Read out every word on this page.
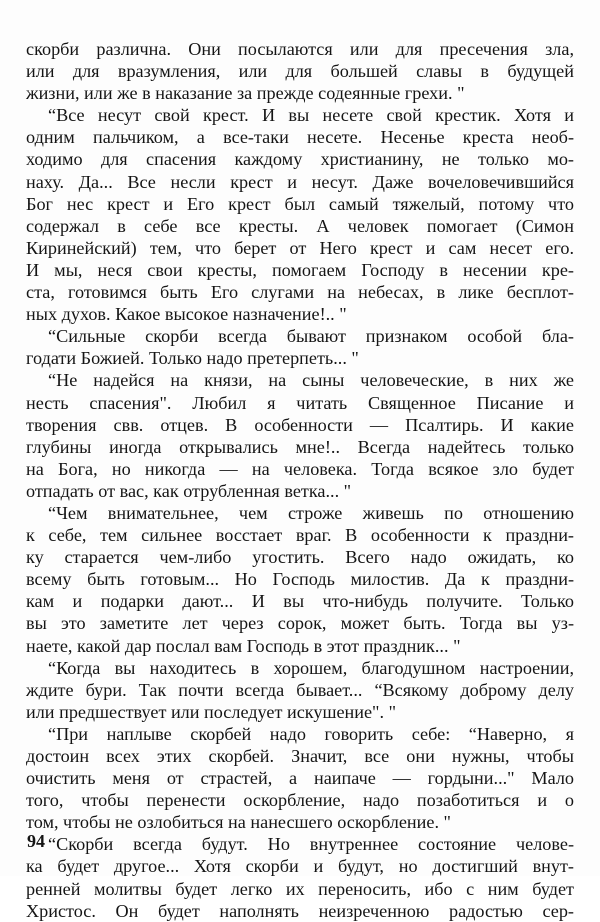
скорби различна. Они посылаются или для пресечения зла,
или для вразумления, или для большей славы в будущей
жизни, или же в наказание за прежде содеянные грехи. "
“Все несут свой крест. И вы несете свой крестик. Хотя и
одним пальчиком, а все-таки несете. Несенье креста необ-
ходимо для спасения каждому христианину, не только мо-
наху. Да... Все несли крест и несут. Даже вочеловечившийся
Бог нес крест и Его крест был самый тяжелый, потому что
содержал в себе все кресты. А человек помогает (Симон
Киринейский) тем, что берет от Него крест и сам несет его.
И мы, неся свои кресты, помогаем Господу в несении кре-
ста, готовимся быть Его слугами на небесах, в лике бесплот-
ных духов. Какое высокое назначение!.. "
“Сильные скорби всегда бывают признаком особой бла-
годати Божией. Только надо претерпеть... "
“Не надейся на князи, на сыны человеческие, в них же
несть спасения". Любил я читать Священное Писание и
творения свв. отцев. В особенности — Псалтирь. И какие
глубины иногда открывались мне!.. Всегда надейтесь только
на Бога, но никогда — на человека. Тогда всякое зло будет
отпадать от вас, как отрубленная ветка... "
“Чем внимательнее, чем строже живешь по отношению
к себе, тем сильнее восстает враг. В особенности к праздни-
ку старается чем-либо угостить. Всего надо ожидать, ко
всему быть готовым... Но Господь милостив. Да к праздни-
кам и подарки дают... И вы что-нибудь получите. Только
вы это заметите лет через сорок, может быть. Тогда вы уз-
наете, какой дар послал вам Господь в этот праздник... "
“Когда вы находитесь в хорошем, благодушном настроении,
ждите бури. Так почти всегда бывает... “Всякому доброму делу
или предшествует или последует искушение". "
“При наплыве скорбей надо говорить себе: “Наверно, я
достоин всех этих скорбей. Значит, все они нужны, чтобы
очистить меня от страстей, а наипаче — гордыни..." Мало
того, чтобы перенести оскорбление, надо позаботиться и о
том, чтобы не озлобиться на нанесшего оскорбление. "
“Скорби всегда будут. Но внутреннее состояние челове-
ка будет другое... Хотя скорби и будут, но достигший внут-
ренней молитвы будет легко их переносить, ибо с ним будет
Христос. Он будет наполнять неизреченною радостью сер-
94
